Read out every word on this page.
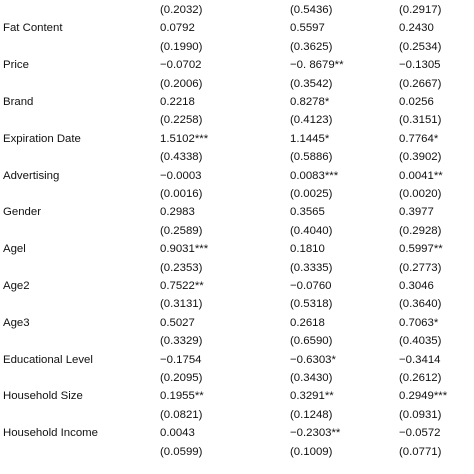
(0.2032)	(0.5436)	(0.2917)
Fat Content	0.0792	0.5597	0.2430
(0.1990)	(0.3625)	(0.2534)
Price	−0.0702	−0. 8679**	−0.1305
(0.2006)	(0.3542)	(0.2667)
Brand	0.2218	0.8278*	0.0256
(0.2258)	(0.4123)	(0.3151)
Expiration Date	1.5102***	1.1445*	0.7764*
(0.4338)	(0.5886)	(0.3902)
Advertising	−0.0003	0.0083***	0.0041**
(0.0016)	(0.0025)	(0.0020)
Gender	0.2983	0.3565	0.3977
(0.2589)	(0.4040)	(0.2928)
Agel	0.9031***	0.1810	0.5997**
(0.2353)	(0.3335)	(0.2773)
Age2	0.7522**	−0.0760	0.3046
(0.3131)	(0.5318)	(0.3640)
Age3	0.5027	0.2618	0.7063*
(0.3329)	(0.6590)	(0.4035)
Educational Level	−0.1754	−0.6303*	−0.3414
(0.2095)	(0.3430)	(0.2612)
Household Size	0.1955**	0.3291**	0.2949***
(0.0821)	(0.1248)	(0.0931)
Household Income	0.0043	−0.2303**	−0.0572
(0.0599)	(0.1009)	(0.0771)
